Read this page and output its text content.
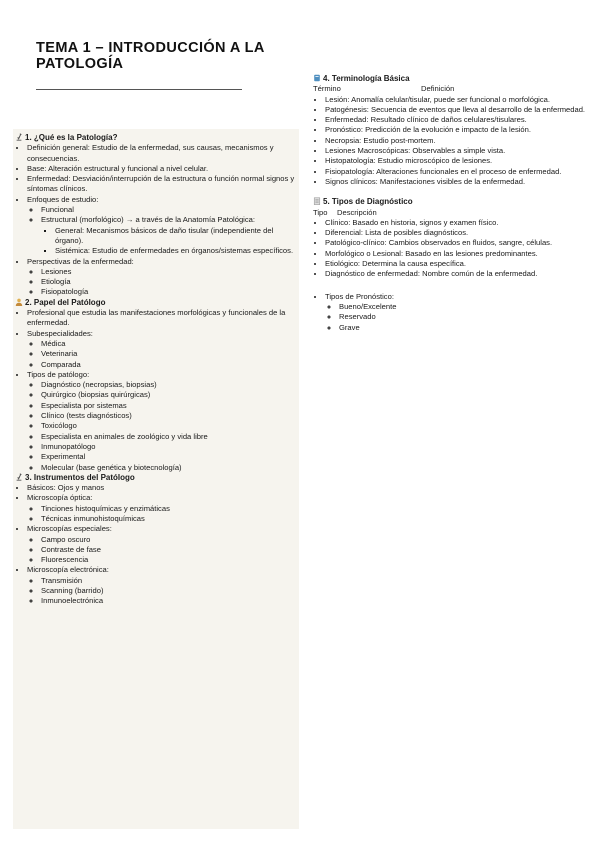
TEMA 1 – INTRODUCCIÓN A LA PATOLOGÍA
1. ¿Qué es la Patología?
• Definición general: Estudio de la enfermedad, sus causas, mecanismos y consecuencias.
• Base: Alteración estructural y funcional a nivel celular.
• Enfermedad: Desviación/interrupción de la estructura o función normal signos y síntomas clínicos.
• Enfoques de estudio:
◦ Funcional
◦ Estructural (morfológico) → a través de la Anatomía Patológica:
▪ General: Mecanismos básicos de daño tisular (independiente del órgano).
▪ Sistémica: Estudio de enfermedades en órganos/sistemas específicos.
• Perspectivas de la enfermedad:
◦ Lesiones
◦ Etiología
◦ Fisiopatología
2. Papel del Patólogo
• Profesional que estudia las manifestaciones morfológicas y funcionales de la enfermedad.
• Subespecialidades:
◦ Médica
◦ Veterinaria
◦ Comparada
• Tipos de patólogo:
◦ Diagnóstico (necropsias, biopsias)
◦ Quirúrgico (biopsias quirúrgicas)
◦ Especialista por sistemas
◦ Clínico (tests diagnósticos)
◦ Toxicólogo
◦ Especialista en animales de zoológico y vida libre
◦ Inmunopatólogo
◦ Experimental
◦ Molecular (base genética y biotecnología)
3. Instrumentos del Patólogo
• Básicos: Ojos y manos
• Microscopía óptica:
◦ Tinciones histoquímicas y enzimáticas
◦ Técnicas inmunohistoquímicas
• Microscopías especiales:
◦ Campo oscuro
◦ Contraste de fase
◦ Fluorescencia
• Microscopía electrónica:
◦ Transmisión
◦ Scanning (barrido)
◦ Inmunoelectrónica
4. Terminología Básica
Término	Definición
• Lesión: Anomalía celular/tisular, puede ser funcional o morfológica.
• Patogénesis: Secuencia de eventos que lleva al desarrollo de la enfermedad.
• Enfermedad: Resultado clínico de daños celulares/tisulares.
• Pronóstico: Predicción de la evolución e impacto de la lesión.
• Necropsia: Estudio post-mortem.
• Lesiones Macroscópicas: Observables a simple vista.
• Histopatología: Estudio microscópico de lesiones.
• Fisiopatología: Alteraciones funcionales en el proceso de enfermedad.
• Signos clínicos: Manifestaciones visibles de la enfermedad.
5. Tipos de Diagnóstico
Tipo	Descripción
• Clínico: Basado en historia, signos y examen físico.
• Diferencial: Lista de posibles diagnósticos.
• Patológico-clínico: Cambios observados en fluidos, sangre, células.
• Morfológico o Lesional: Basado en las lesiones predominantes.
• Etiológico: Determina la causa específica.
• Diagnóstico de enfermedad: Nombre común de la enfermedad.
• Tipos de Pronóstico:
◦ Bueno/Excelente
◦ Reservado
◦ Grave
